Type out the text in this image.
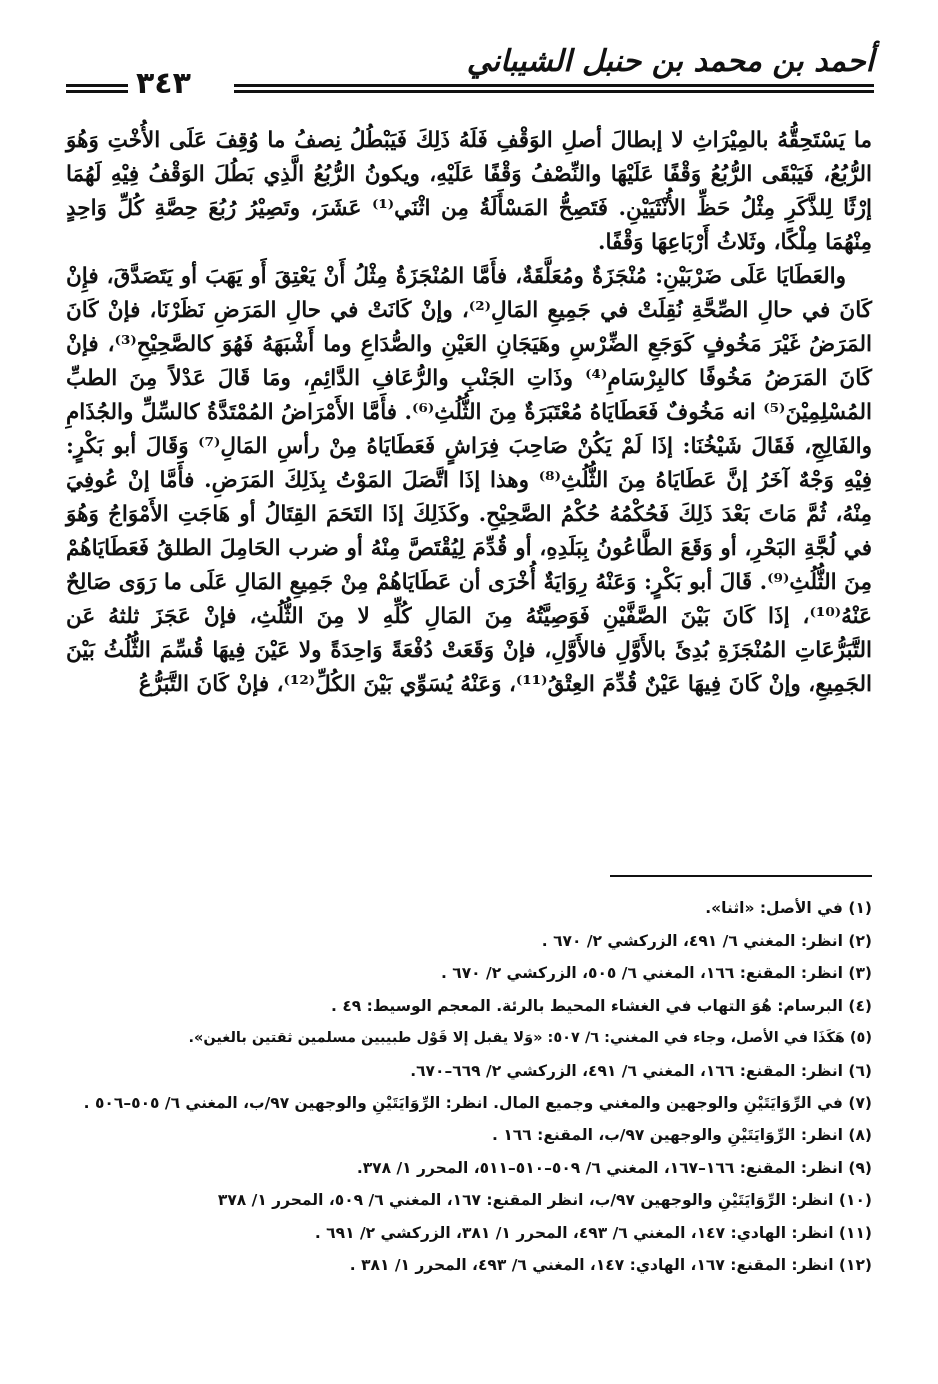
أحمد بن محمد بن حنبل الشيباني
٣٤٣

ما يَسْتَحِقُّهُ بالمِيْرَاثِ لا إبطالَ أصلِ الوَقْفِ فَلَهُ ذَلِكَ فَيَبْطُلُ نِصفُ ما وُقِفَ عَلَى الأُخْتِ وَهُوَ الرُّبُعُ، فَيَبْقَى الرُّبُعُ وَقْفًا عَلَيْهَا والنِّصْفُ وَقْفًا عَلَيْهِ، ويكونُ الرُّبُعُ الَّذِي بَطُلَ الوَقْفُ فِيْهِ لَهُمَا إرْثًا لِلذَّكَرِ مِثْلُ حَظِّ الأُنْثَيَيْنِ. فَتَصِحُّ المَسْأَلَةُ مِن اثْنَي⁽¹⁾ عَشَرَ، وتَصِيْرُ رُبُعَ حِصَّةِ كُلِّ وَاحِدٍ مِنْهُمَا مِلْكًا، وثَلاثُ أَرْبَاعِهَا وَقْفًا.

والعَطَايَا عَلَى ضَرْبَيْنِ: مُنْجَزَةٌ ومُعَلَّقَةٌ، فأَمَّا المُنْجَزَةُ مِثْلُ أَنْ يَعْتِقَ أَو يَهَبَ أو يَتَصَدَّقَ، فإِنْ كَانَ في حالِ الصِّحَّةِ نُقِلَتْ في جَمِيعِ المَالِ⁽²⁾، وإنْ كَانَتْ في حالِ المَرَضِ نَظَرْنَا، فإنْ كَانَ المَرَضُ غَيْرَ مَخُوفٍ كَوَجَعِ الضِّرْسِ وهَيَجَانِ العَيْنِ والصُّدَاعِ وما أَشْبَهَهُ فَهُوَ كالصَّحِيْحِ⁽³⁾، فإنْ كَانَ المَرَضُ مَخُوفًا كالبِرْسَامِ⁽⁴⁾ وذَاتِ الجَنْبِ والرُّعَافِ الدَّائِمِ، ومَا قَالَ عَدْلاً مِنَ الطبِّ المُسْلِمِيْنَ⁽⁵⁾ انه مَخُوفٌ فَعَطَايَاهُ مُعْتَبَرَةٌ مِنَ الثُّلُثِ⁽⁶⁾. فأَمَّا الأَمْرَاضُ المُمْتَدَّةُ كالسِّلِّ والجُذَامِ والفَالِجِ، فَقَالَ شَيْخُنَا: إذَا لَمْ يَكُنْ صَاحِبَ فِرَاشٍ فَعَطَايَاهُ مِنْ رأسِ المَالِ⁽⁷⁾ وَقَالَ أبو بَكْرٍ: فِيْهِ وَجْهٌ آخَرُ إنَّ عَطَايَاهُ مِنَ الثُّلُثِ⁽⁸⁾ وهذا إذَا اتَّصَلَ المَوْتُ بِذَلِكَ المَرَضِ. فأَمَّا إنْ عُوفِيَ مِنْهُ، ثُمَّ مَاتَ بَعْدَ ذَلِكَ فَحُكْمُهُ حُكْمُ الصَّحِيْحِ. وكَذَلِكَ إذَا التَحَمَ القِتَالُ أو هَاجَتِ الأَمْوَاجُ وَهُوَ في لُجَّةِ البَحْرِ، أو وَقَعَ الطَّاعُونُ بِبَلَدِهِ، أو قُدِّمَ لِيُقْتَصَّ مِنْهُ أو ضرب الحَامِلَ الطلقُ فَعَطَايَاهُمْ مِنَ الثُّلُثِ⁽⁹⁾. قَالَ أبو بَكْرٍ: وَعَنْهُ رِوَايَةٌ أُخْرَى أن عَطَايَاهُمْ مِنْ جَمِيعِ المَالِ عَلَى ما رَوَى صَالِحٌ عَنْهُ⁽¹⁰⁾، إذَا كَانَ بَيْنَ الصَّفَّيْنِ فَوَصِيَّتُهُ مِنَ المَالِ كُلِّهِ لا مِنَ الثُّلُثِ، فإنْ عَجَزَ ثلثهُ عَن التَّبَرُّعَاتِ المُنْجَزَةِ بُدِئَ بالأَوَّلِ فالأَوَّلِ، فإنْ وَقَعَتْ دُفْعَةً وَاحِدَةً ولا عَيْنَ فِيهَا قُسِّمَ الثُّلُثُ بَيْنَ الجَمِيعِ، وإنْ كَانَ فِيهَا عَيْنٌ قُدِّمَ العِتْقُ⁽¹¹⁾، وَعَنْهُ يُسَوِّي بَيْنَ الكُلِّ⁽¹²⁾، فإنْ كَانَ التَّبَرُّعُ

(١) في الأصل: «اثنا».
(٢) انظر: المغني ٦/ ٤٩١، الزركشي ٢/ ٦٧٠ .
(٣) انظر: المقنع: ١٦٦، المغني ٦/ ٥٠٥، الزركشي ٢/ ٦٧٠ .
(٤) البرسام: هُوَ التهاب في الغشاء المحيط بالرئة. المعجم الوسيط: ٤٩ .
(٥) هَكَذَا في الأصل، وجاء في المغني: ٦/ ٥٠٧: «وَلا يقبل إلا قَوْل طبيبين مسلمين ثقتين بالغين».
(٦) انظر: المقنع: ١٦٦، المغني ٦/ ٤٩١، الزركشي ٢/ ٦٦٩–٦٧٠.
(٧) في الرِّوَايَتَيْنِ والوجهين والمغني وجميع المال. انظر: الرِّوَايَتَيْنِ والوجهين ٩٧/ب، المغني ٦/ ٥٠٥–٥٠٦ .
(٨) انظر: الرِّوَايَتَيْنِ والوجهين ٩٧/ب، المقنع: ١٦٦ .
(٩) انظر: المقنع: ١٦٦–١٦٧، المغني ٦/ ٥٠٩–٥١٠–٥١١، المحرر ١/ ٣٧٨.
(١٠) انظر: الرِّوَايَتَيْنِ والوجهين ٩٧/ب، انظر المقنع: ١٦٧، المغني ٦/ ٥٠٩، المحرر ١/ ٣٧٨
(١١) انظر: الهادي: ١٤٧، المغني ٦/ ٤٩٣، المحرر ١/ ٣٨١، الزركشي ٢/ ٦٩١ .
(١٢) انظر: المقنع: ١٦٧، الهادي: ١٤٧، المغني ٦/ ٤٩٣، المحرر ١/ ٣٨١ .
